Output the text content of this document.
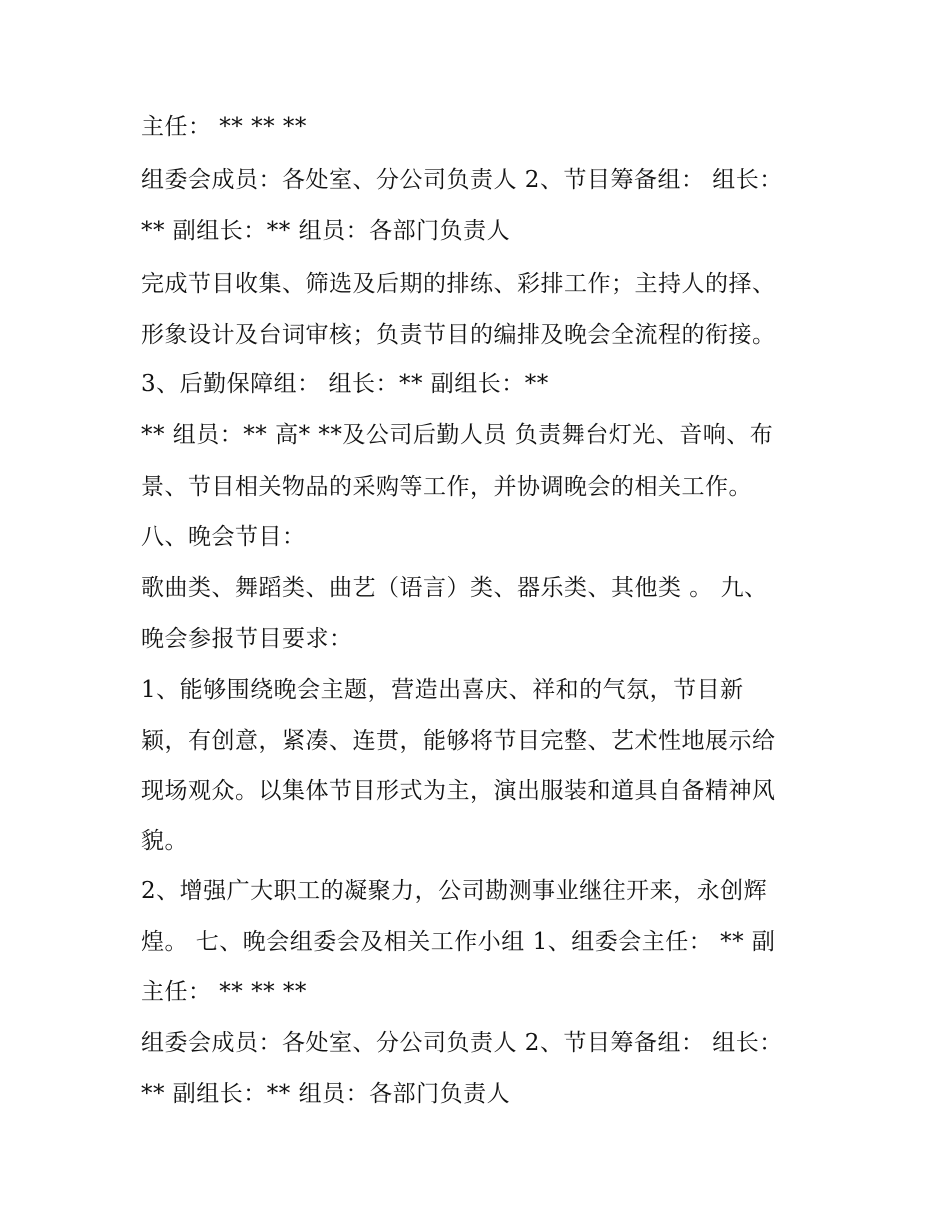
主任： ** ** **
组委会成员：各处室、分公司负责人 2、节目筹备组： 组长：
** 副组长：** 组员：各部门负责人
完成节目收集、筛选及后期的排练、彩排工作；主持人的择、
形象设计及台词审核；负责节目的编排及晚会全流程的衔接。
3、后勤保障组： 组长：** 副组长：**
** 组员：** 高* **及公司后勤人员 负责舞台灯光、音响、布
景、节目相关物品的采购等工作，并协调晚会的相关工作。
八、晚会节目：
歌曲类、舞蹈类、曲艺（语言）类、器乐类、其他类 。 九、
晚会参报节目要求：
1、能够围绕晚会主题，营造出喜庆、祥和的气氛，节目新
颖，有创意，紧凑、连贯，能够将节目完整、艺术性地展示给
现场观众。以集体节目形式为主，演出服装和道具自备精神风
貌。
2、增强广大职工的凝聚力，公司勘测事业继往开来，永创辉
煌。 七、晚会组委会及相关工作小组 1、组委会主任： ** 副
主任： ** ** **
组委会成员：各处室、分公司负责人 2、节目筹备组： 组长：
** 副组长：** 组员：各部门负责人
